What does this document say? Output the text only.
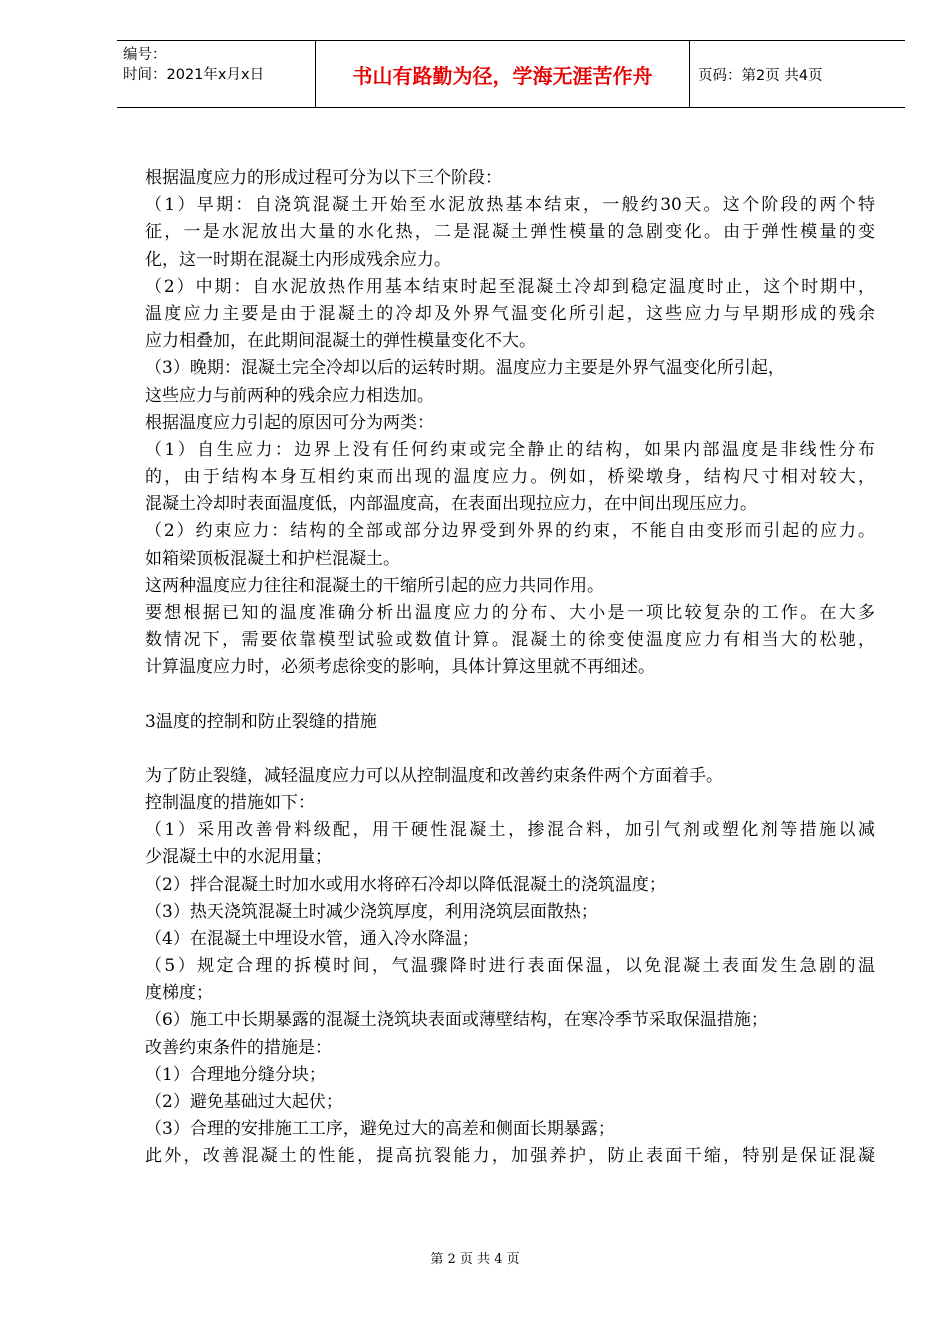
编号：
时间：2021年x月x日	书山有路勤为径，学海无涯苦作舟	页码：第2页 共4页
根据温度应力的形成过程可分为以下三个阶段：
（1）早期：自浇筑混凝土开始至水泥放热基本结束，一般约30天。这个阶段的两个特
征，一是水泥放出大量的水化热，二是混凝土弹性模量的急剧变化。由于弹性模量的变
化，这一时期在混凝土内形成残余应力。
（2）中期：自水泥放热作用基本结束时起至混凝土冷却到稳定温度时止，这个时期中，
温度应力主要是由于混凝土的冷却及外界气温变化所引起，这些应力与早期形成的残余
应力相叠加，在此期间混凝土的弹性模量变化不大。
（3）晚期：混凝土完全冷却以后的运转时期。温度应力主要是外界气温变化所引起，
这些应力与前两种的残余应力相迭加。
根据温度应力引起的原因可分为两类：
（1）自生应力：边界上没有任何约束或完全静止的结构，如果内部温度是非线性分布
的，由于结构本身互相约束而出现的温度应力。例如，桥梁墩身，结构尺寸相对较大，
混凝土冷却时表面温度低，内部温度高，在表面出现拉应力，在中间出现压应力。
（2）约束应力：结构的全部或部分边界受到外界的约束，不能自由变形而引起的应力。
如箱梁顶板混凝土和护栏混凝土。
这两种温度应力往往和混凝土的干缩所引起的应力共同作用。
要想根据已知的温度准确分析出温度应力的分布、大小是一项比较复杂的工作。在大多
数情况下，需要依靠模型试验或数值计算。混凝土的徐变使温度应力有相当大的松驰，
计算温度应力时，必须考虑徐变的影响，具体计算这里就不再细述。
3温度的控制和防止裂缝的措施
为了防止裂缝，减轻温度应力可以从控制温度和改善约束条件两个方面着手。
控制温度的措施如下：
（1）采用改善骨料级配，用干硬性混凝土，掺混合料，加引气剂或塑化剂等措施以减
少混凝土中的水泥用量；
（2）拌合混凝土时加水或用水将碎石冷却以降低混凝土的浇筑温度；
（3）热天浇筑混凝土时减少浇筑厚度，利用浇筑层面散热；
（4）在混凝土中埋设水管，通入冷水降温；
（5）规定合理的拆模时间，气温骤降时进行表面保温，以免混凝土表面发生急剧的温
度梯度；
（6）施工中长期暴露的混凝土浇筑块表面或薄壁结构，在寒冷季节采取保温措施；
改善约束条件的措施是：
（1）合理地分缝分块；
（2）避免基础过大起伏；
（3）合理的安排施工工序，避免过大的高差和侧面长期暴露；
此外，改善混凝土的性能，提高抗裂能力，加强养护，防止表面干缩，特别是保证混凝
第 2 页 共 4 页
